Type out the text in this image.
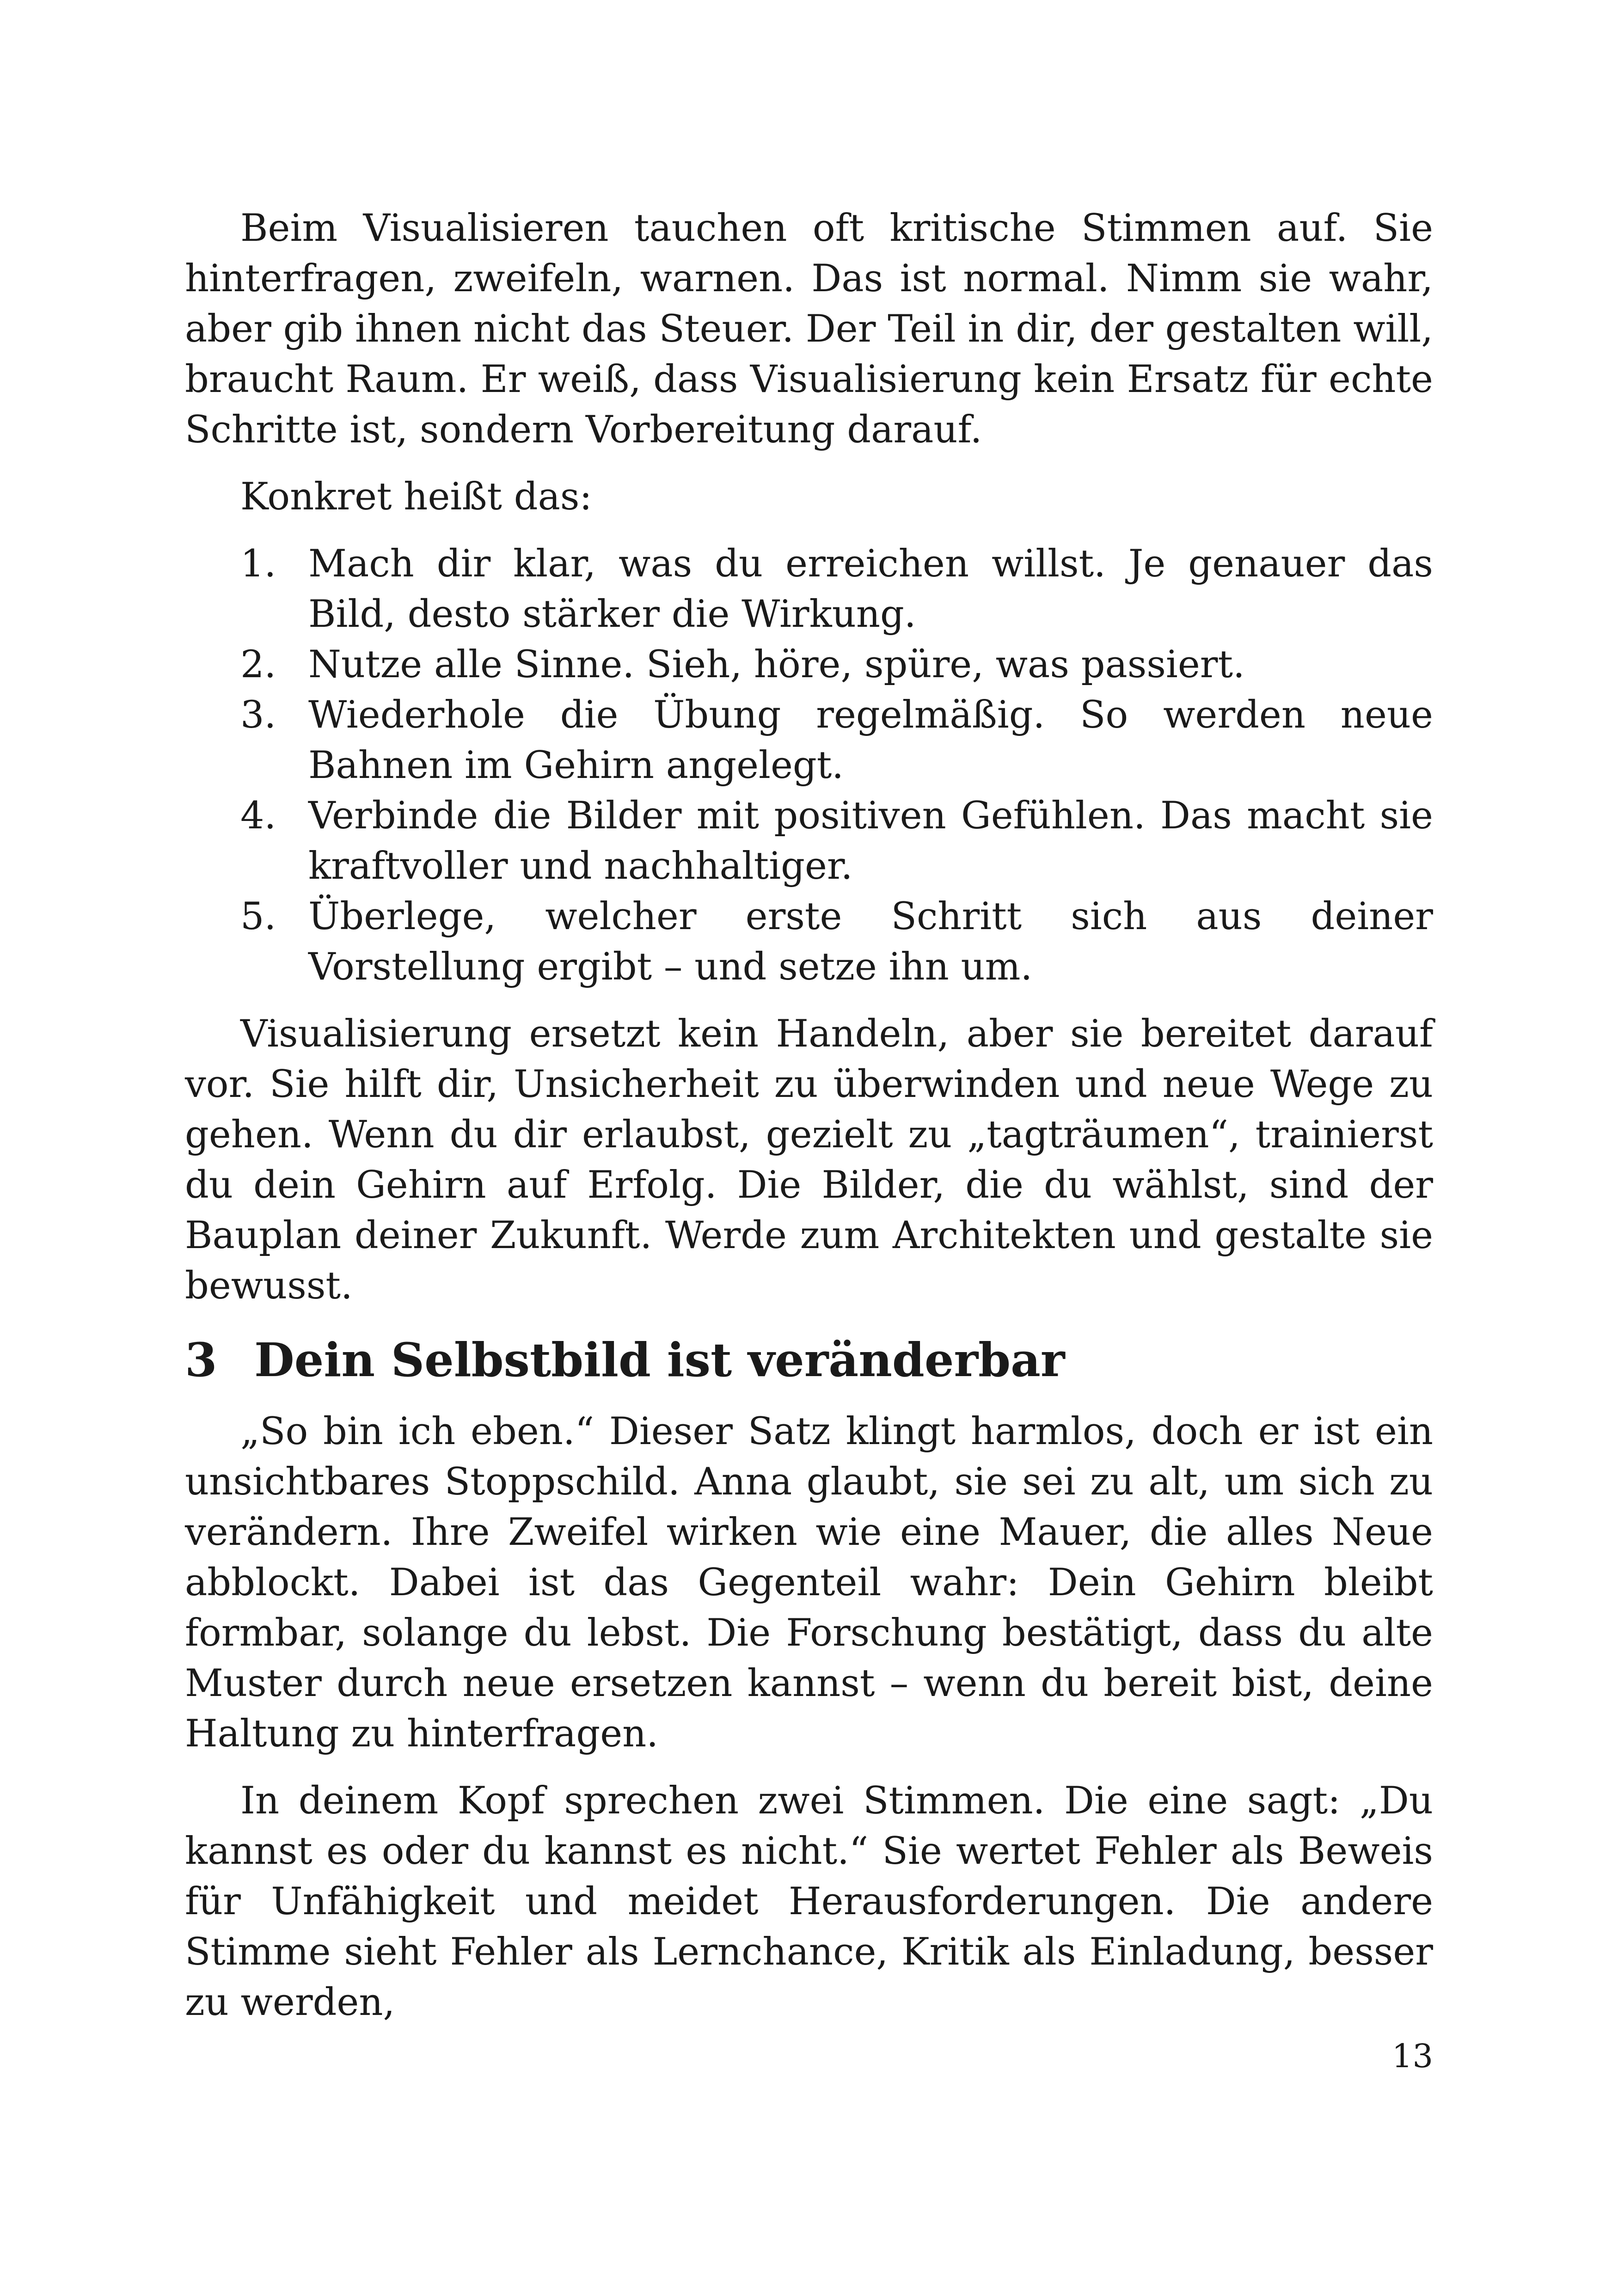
Beim Visualisieren tauchen oft kritische Stimmen auf. Sie hinterfragen, zweifeln, warnen. Das ist normal. Nimm sie wahr, aber gib ihnen nicht das Steuer. Der Teil in dir, der gestalten will, braucht Raum. Er weiß, dass Visualisierung kein Ersatz für echte Schritte ist, sondern Vorbereitung darauf.

Konkret heißt das:

1. Mach dir klar, was du erreichen willst. Je genauer das Bild, desto stärker die Wirkung.
2. Nutze alle Sinne. Sieh, höre, spüre, was passiert.
3. Wiederhole die Übung regelmäßig. So werden neue Bahnen im Gehirn angelegt.
4. Verbinde die Bilder mit positiven Gefühlen. Das macht sie kraftvoller und nachhaltiger.
5. Überlege, welcher erste Schritt sich aus deiner Vorstellung ergibt – und setze ihn um.

Visualisierung ersetzt kein Handeln, aber sie bereitet darauf vor. Sie hilft dir, Unsicherheit zu überwinden und neue Wege zu gehen. Wenn du dir erlaubst, gezielt zu „tagträumen“, trainierst du dein Gehirn auf Erfolg. Die Bilder, die du wählst, sind der Bauplan deiner Zukunft. Werde zum Architekten und gestalte sie bewusst.

3 Dein Selbstbild ist veränderbar

„So bin ich eben.“ Dieser Satz klingt harmlos, doch er ist ein unsichtbares Stoppschild. Anna glaubt, sie sei zu alt, um sich zu verändern. Ihre Zweifel wirken wie eine Mauer, die alles Neue abblockt. Dabei ist das Gegenteil wahr: Dein Gehirn bleibt formbar, solange du lebst. Die Forschung bestätigt, dass du alte Muster durch neue ersetzen kannst – wenn du bereit bist, deine Haltung zu hinterfragen.

In deinem Kopf sprechen zwei Stimmen. Die eine sagt: „Du kannst es oder du kannst es nicht.“ Sie wertet Fehler als Beweis für Unfähigkeit und meidet Herausforderungen. Die andere Stimme sieht Fehler als Lernchance, Kritik als Einladung, besser zu werden,

13
